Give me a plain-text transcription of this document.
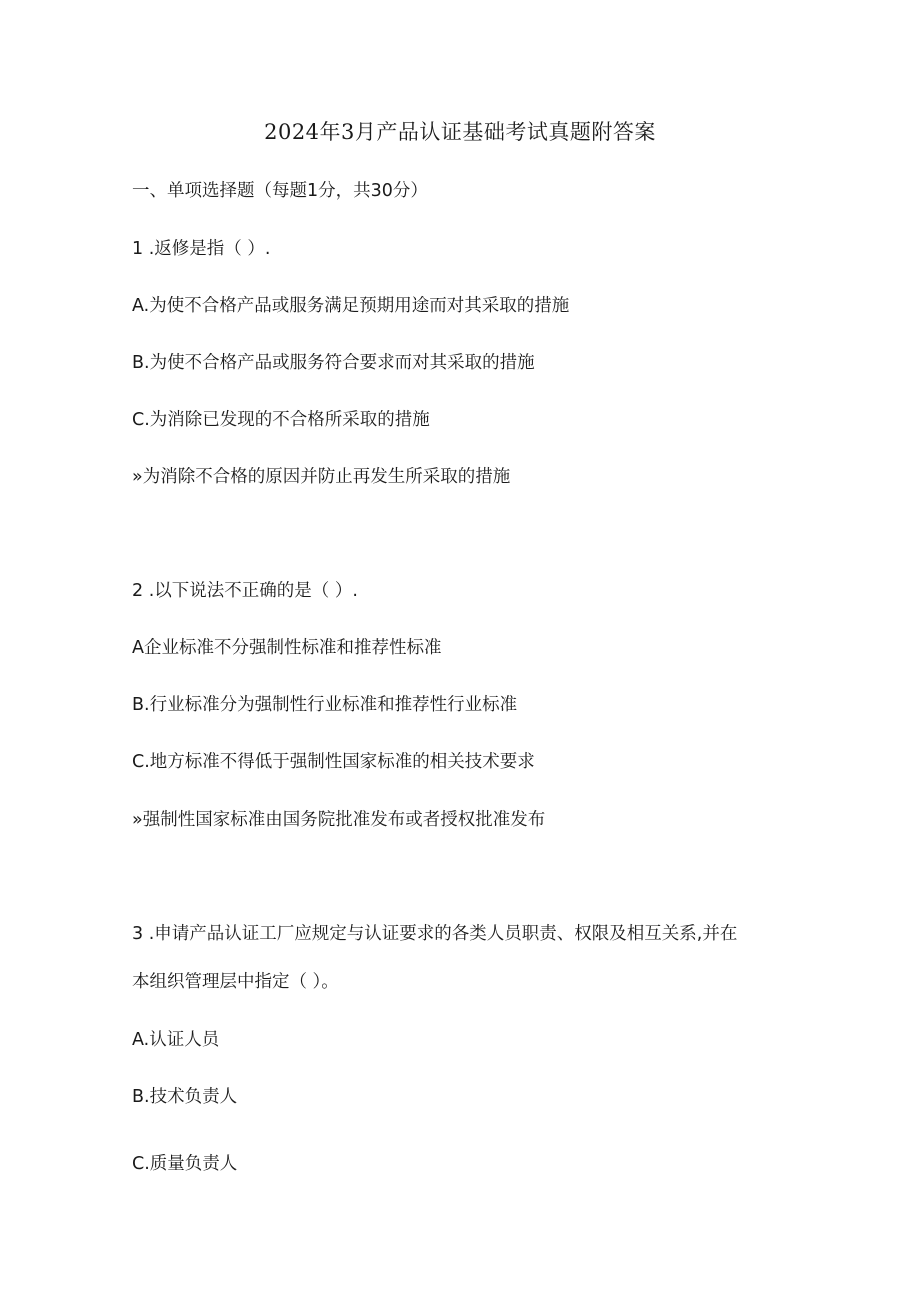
2024年3月产品认证基础考试真题附答案
一、单项选择题（每题1分，共30分）
1 .返修是指（ ）.
A.为使不合格产品或服务满足预期用途而对其采取的措施
B.为使不合格产品或服务符合要求而对其采取的措施
C.为消除已发现的不合格所采取的措施
»为消除不合格的原因并防止再发生所采取的措施
2 .以下说法不正确的是（ ）.
A企业标准不分强制性标准和推荐性标准
B.行业标准分为强制性行业标准和推荐性行业标准
C.地方标准不得低于强制性国家标准的相关技术要求
»强制性国家标准由国务院批准发布或者授权批准发布
3 .申请产品认证工厂应规定与认证要求的各类人员职责、权限及相互关系,并在
本组织管理层中指定（ ）。
A.认证人员
B.技术负责人
C.质量负责人
